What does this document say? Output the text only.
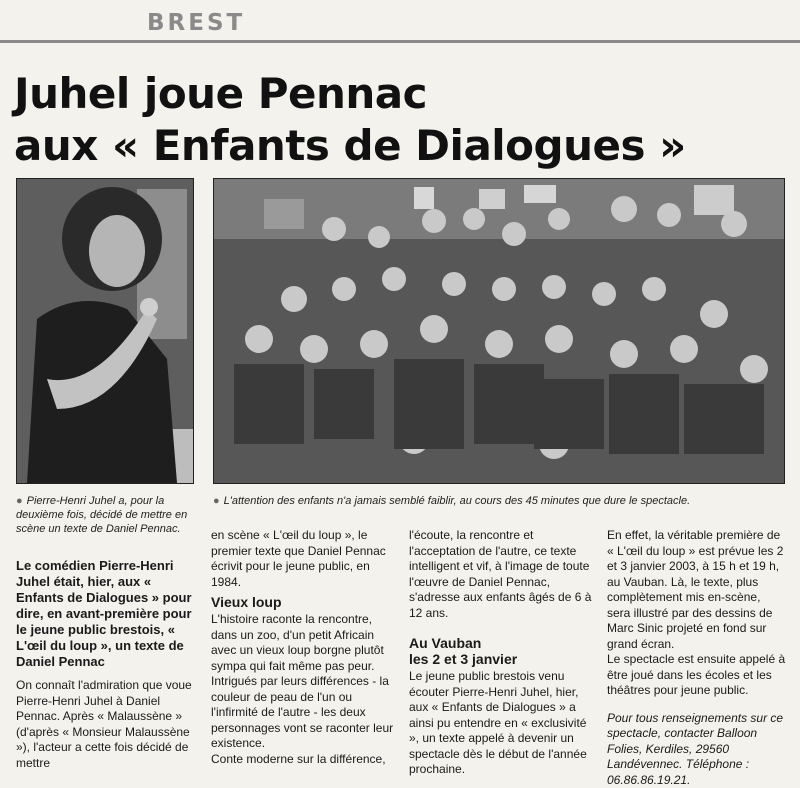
BREST
Juhel joue Pennac
aux « Enfants de Dialogues »
● Pierre-Henri Juhel a, pour la deuxième fois, décidé de mettre en scène un texte de Daniel Pennac.
● L'attention des enfants n'a jamais semblé faiblir, au cours des 45 minutes que dure le spectacle.

Le comédien Pierre-Henri Juhel était, hier, aux « Enfants de Dialogues » pour dire, en avant-première pour le jeune public brestois, « L'œil du loup », un texte de Daniel Pennac

On connaît l'admiration que voue Pierre-Henri Juhel à Daniel Pennac. Après « Malaussène » (d'après « Monsieur Malaussène »), l'acteur a cette fois décidé de mettre

en scène « L'œil du loup », le premier texte que Daniel Pennac écrivit pour le jeune public, en 1984.

Vieux loup

L'histoire raconte la rencontre, dans un zoo, d'un petit Africain avec un vieux loup borgne plutôt sympa qui fait même pas peur. Intrigués par leurs différences - la couleur de peau de l'un ou l'infirmité de l'autre - les deux personnages vont se raconter leur existence.

Conte moderne sur la différence,

l'écoute, la rencontre et l'acceptation de l'autre, ce texte intelligent et vif, à l'image de toute l'œuvre de Daniel Pennac, s'adresse aux enfants âgés de 6 à 12 ans.

Au Vauban

les 2 et 3 janvier

Le jeune public brestois venu écouter Pierre-Henri Juhel, hier, aux « Enfants de Dialogues » a ainsi pu entendre en « exclusivité », un texte appelé à devenir un spectacle dès le début de l'année prochaine.

En effet, la véritable première de « L'œil du loup » est prévue les 2 et 3 janvier 2003, à 15 h et 19 h, au Vauban. Là, le texte, plus complètement mis en-scène, sera illustré par des dessins de Marc Sinic projeté en fond sur grand écran.

Le spectacle est ensuite appelé à être joué dans les écoles et les théâtres pour jeune public.

Pour tous renseignements sur ce spectacle, contacter Balloon Folies, Kerdiles, 29560 Landévennec. Téléphone : 06.86.86.19.21.
